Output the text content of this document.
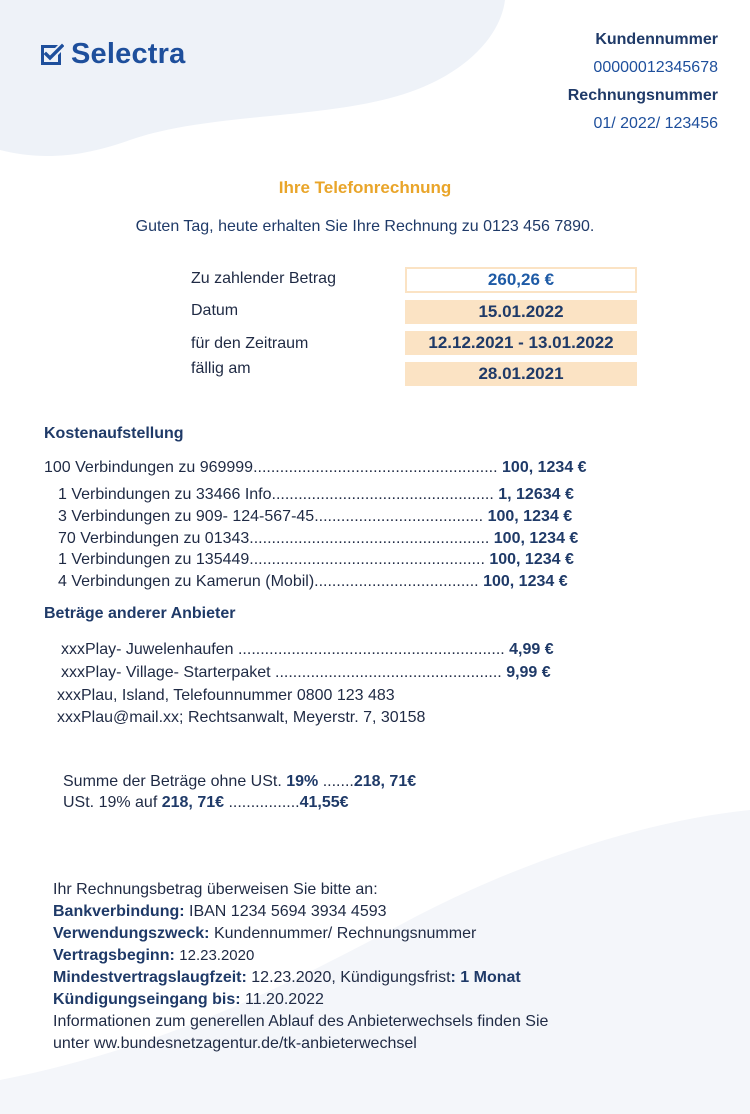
Selectra	Kundennummer
00000012345678
Rechnungsnummer
01/ 2022/ 123456
Ihre Telefonrechnung
Guten Tag, heute erhalten Sie Ihre Rechnung zu 0123 456 7890.
Zu zahlender Betrag	260,26 €
Datum	15.01.2022
für den Zeitraum	12.12.2021 - 13.01.2022
fällig am	28.01.2021
Kostenaufstellung
100 Verbindungen zu 969999....................................................... 100, 1234 €
1 Verbindungen zu 33466 Info.................................................. 1, 12634 €
3 Verbindungen zu 909- 124-567-45...................................... 100, 1234 €
70 Verbindungen zu 01343...................................................... 100, 1234 €
1 Verbindungen zu 135449..................................................... 100, 1234 €
4 Verbindungen zu Kamerun (Mobil)..................................... 100, 1234 €
Beträge anderer Anbieter
xxxPlay- Juwelenhaufen ............................................................ 4,99 €
xxxPlay- Village- Starterpaket ................................................... 9,99 €
xxxPlau, Island, Telefounnummer 0800 123 483
xxxPlau@mail.xx; Rechtsanwalt, Meyerstr. 7, 30158
Summe der Beträge ohne USt. 19% .......218, 71€
USt. 19% auf 218, 71€ ................41,55€
Ihr Rechnungsbetrag überweisen Sie bitte an:
Bankverbindung: IBAN 1234 5694 3934 4593
Verwendungszweck: Kundennummer/ Rechnungsnummer
Vertragsbeginn: 12.23.2020
Mindestvertragslaugfzeit: 12.23.2020, Kündigungsfrist: 1 Monat
Kündigungseingang bis: 11.20.2022
Informationen zum generellen Ablauf des Anbieterwechsels finden Sie
unter ww.bundesnetzagentur.de/tk-anbieterwechsel
